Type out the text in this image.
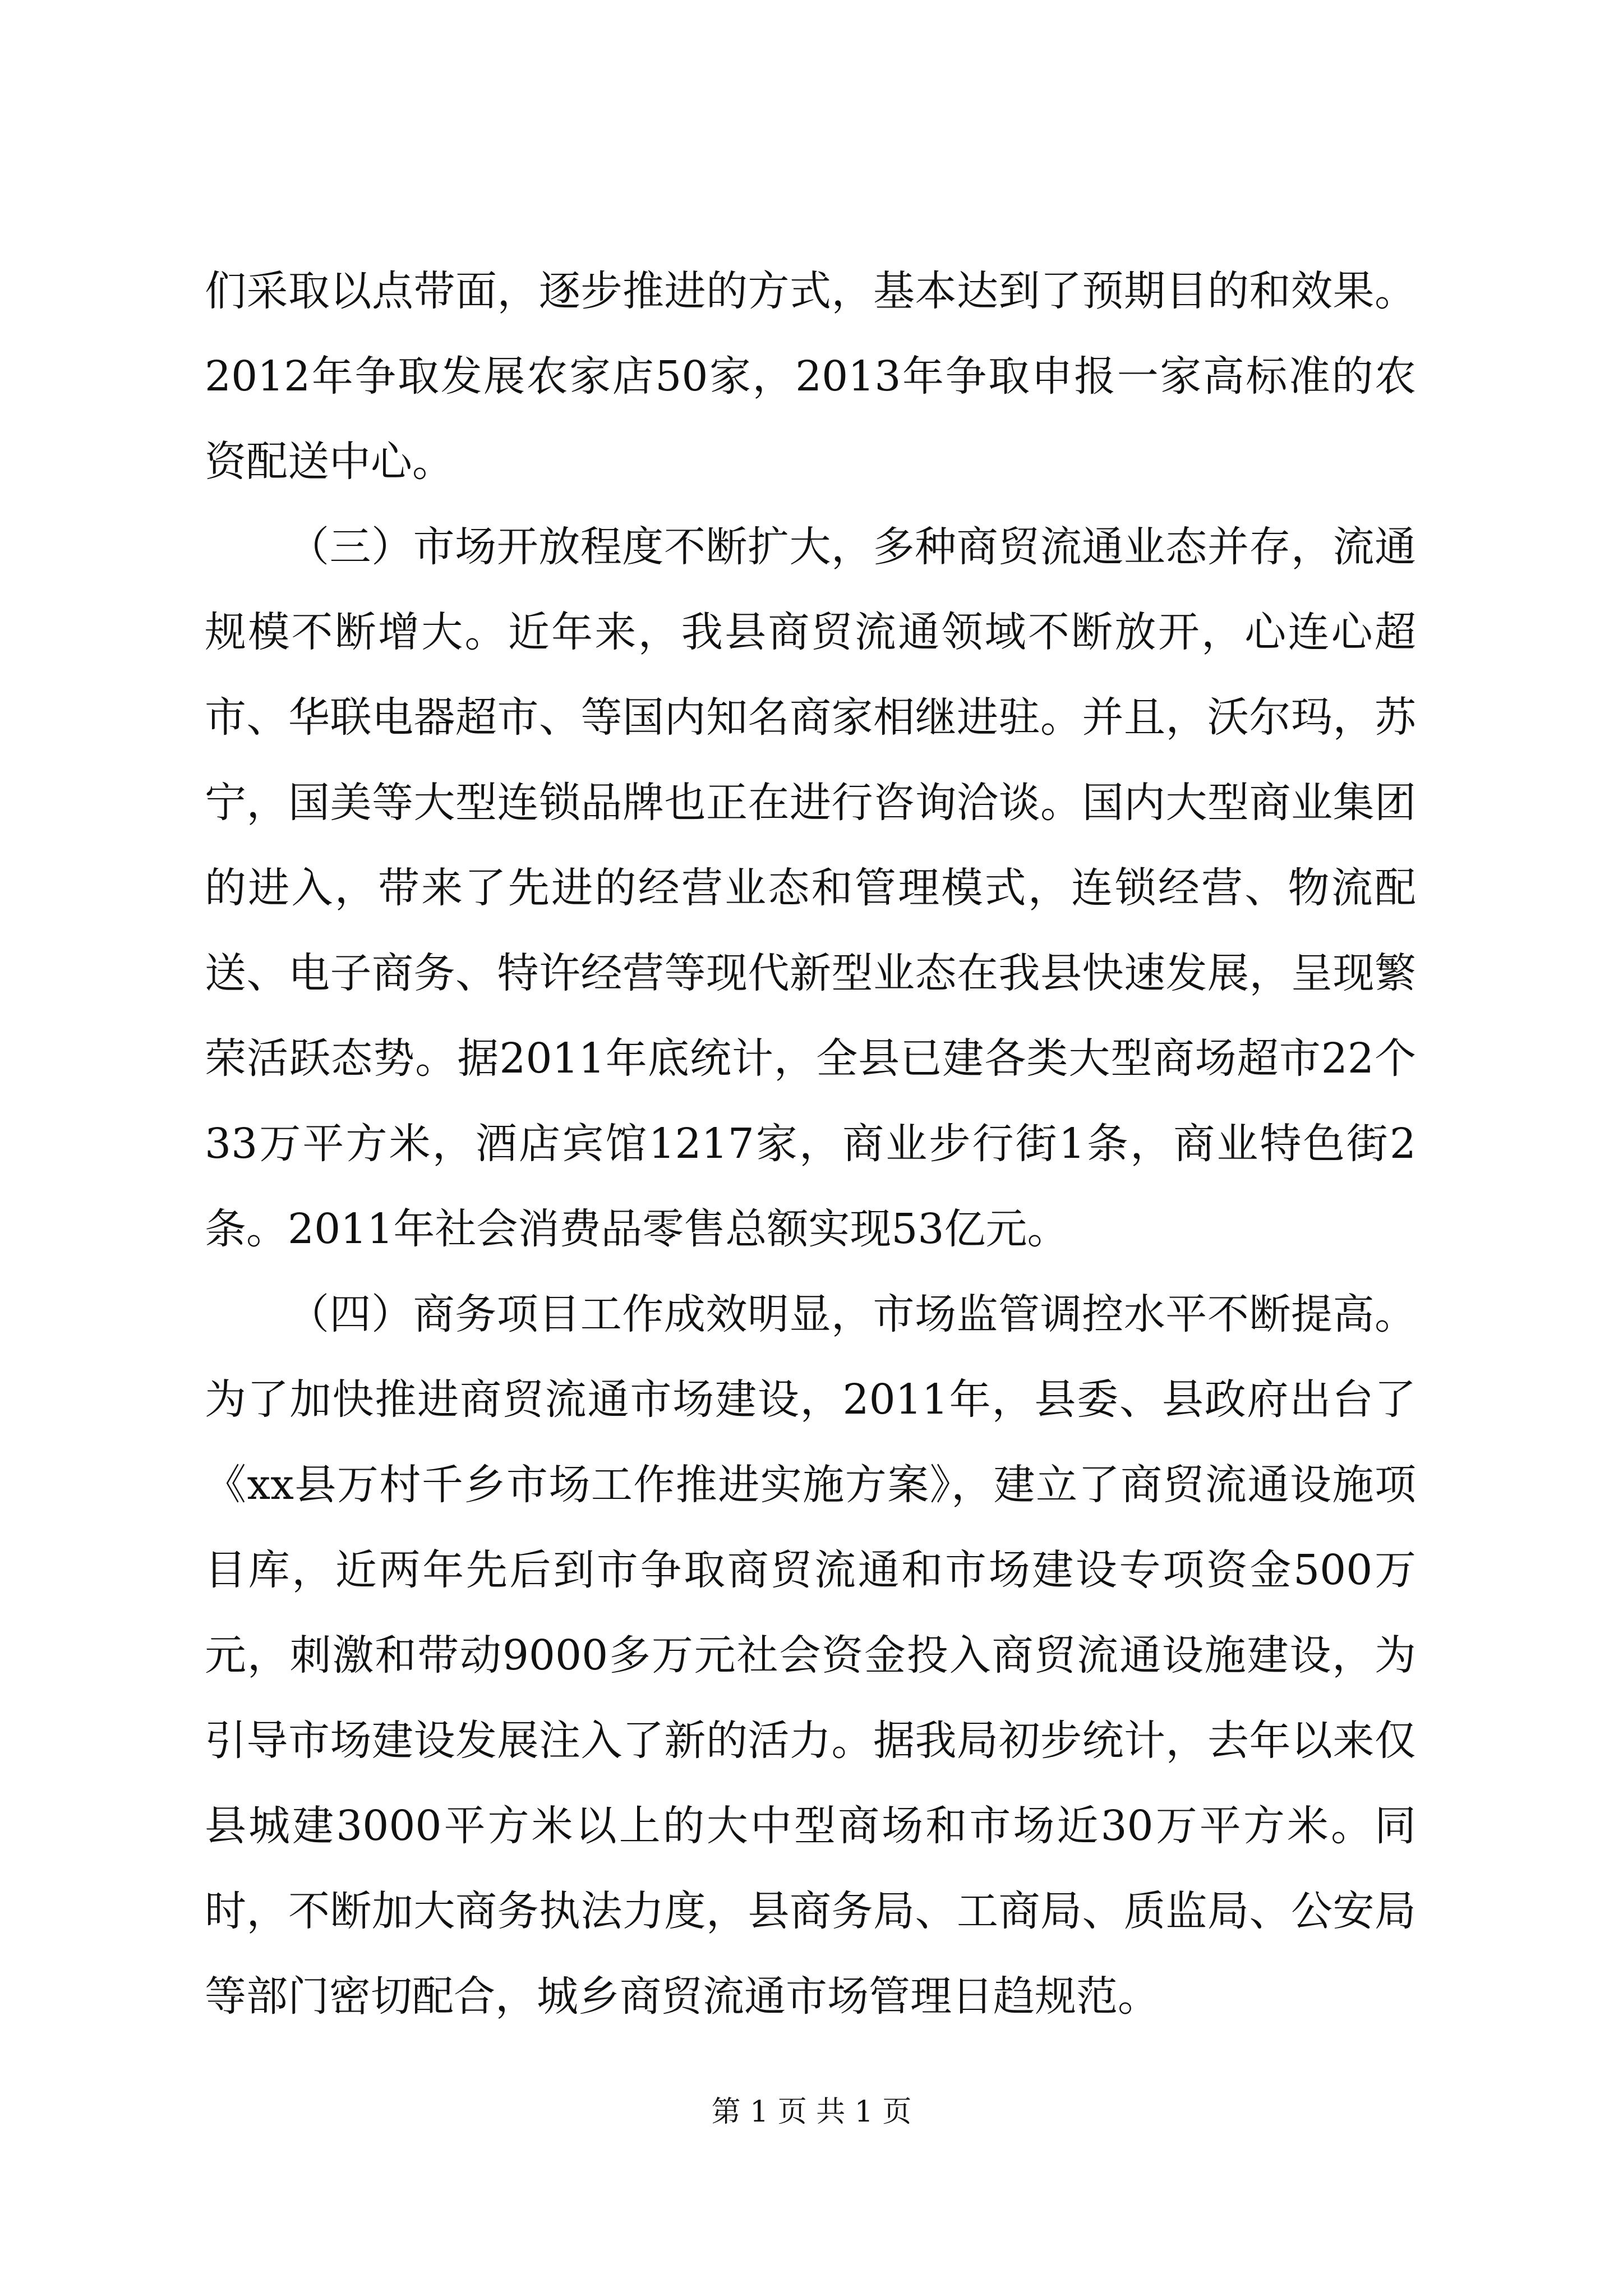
们采取以点带面，逐步推进的方式，基本达到了预期目的和效果。2012年争取发展农家店50家，2013年争取申报一家高标准的农资配送中心。

（三）市场开放程度不断扩大，多种商贸流通业态并存，流通规模不断增大。近年来，我县商贸流通领域不断放开，心连心超市、华联电器超市、等国内知名商家相继进驻。并且，沃尔玛，苏宁，国美等大型连锁品牌也正在进行咨询洽谈。国内大型商业集团的进入，带来了先进的经营业态和管理模式，连锁经营、物流配送、电子商务、特许经营等现代新型业态在我县快速发展，呈现繁荣活跃态势。据2011年底统计，全县已建各类大型商场超市22个33万平方米，酒店宾馆1217家，商业步行街1条，商业特色街2条。2011年社会消费品零售总额实现53亿元。

（四）商务项目工作成效明显，市场监管调控水平不断提高。为了加快推进商贸流通市场建设，2011年，县委、县政府出台了《xx县万村千乡市场工作推进实施方案》，建立了商贸流通设施项目库，近两年先后到市争取商贸流通和市场建设专项资金500万元，刺激和带动9000多万元社会资金投入商贸流通设施建设，为引导市场建设发展注入了新的活力。据我局初步统计，去年以来仅县城建3000平方米以上的大中型商场和市场近30万平方米。同时，不断加大商务执法力度，县商务局、工商局、质监局、公安局等部门密切配合，城乡商贸流通市场管理日趋规范。

第 1 页 共 1 页
